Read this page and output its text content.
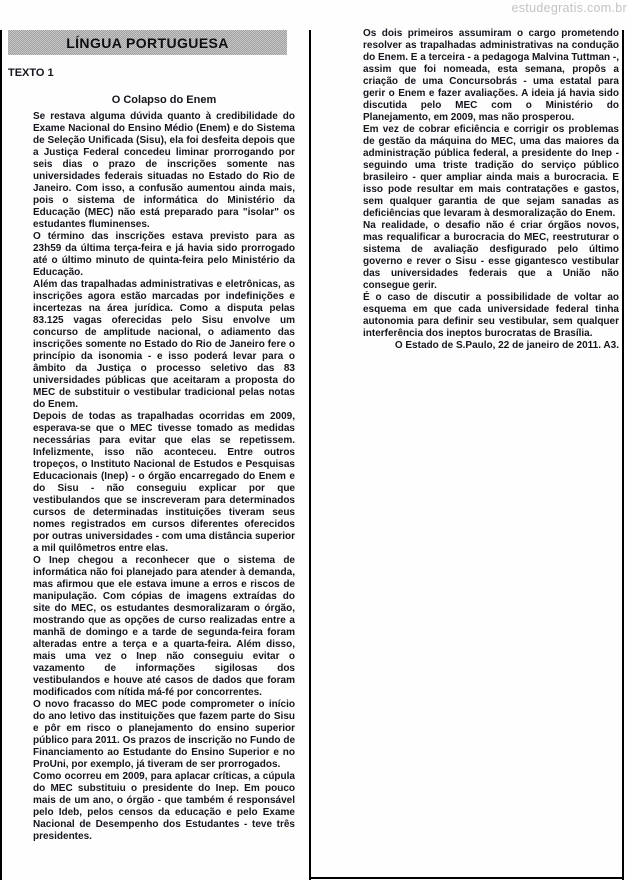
estudegratis.com.br
LÍNGUA PORTUGUESA
TEXTO 1
O Colapso do Enem

Se restava alguma dúvida quanto à credibilidade do Exame Nacional do Ensino Médio (Enem) e do Sistema de Seleção Unificada (Sisu), ela foi desfeita depois que a Justiça Federal concedeu liminar prorrogando por seis dias o prazo de inscrições somente nas universidades federais situadas no Estado do Rio de Janeiro. Com isso, a confusão aumentou ainda mais, pois o sistema de informática do Ministério da Educação (MEC) não está preparado para "isolar" os estudantes fluminenses.

O término das inscrições estava previsto para as 23h59 da última terça-feira e já havia sido prorrogado até o último minuto de quinta-feira pelo Ministério da Educação.

Além das trapalhadas administrativas e eletrônicas, as inscrições agora estão marcadas por indefinições e incertezas na área jurídica. Como a disputa pelas 83.125 vagas oferecidas pelo Sisu envolve um concurso de amplitude nacional, o adiamento das inscrições somente no Estado do Rio de Janeiro fere o princípio da isonomia - e isso poderá levar para o âmbito da Justiça o processo seletivo das 83 universidades públicas que aceitaram a proposta do MEC de substituir o vestibular tradicional pelas notas do Enem.

Depois de todas as trapalhadas ocorridas em 2009, esperava-se que o MEC tivesse tomado as medidas necessárias para evitar que elas se repetissem. Infelizmente, isso não aconteceu. Entre outros tropeços, o Instituto Nacional de Estudos e Pesquisas Educacionais (Inep) - o órgão encarregado do Enem e do Sisu - não conseguiu explicar por que vestibulandos que se inscreveram para determinados cursos de determinadas instituições tiveram seus nomes registrados em cursos diferentes oferecidos por outras universidades - com uma distância superior a mil quilômetros entre elas.

O Inep chegou a reconhecer que o sistema de informática não foi planejado para atender à demanda, mas afirmou que ele estava imune a erros e riscos de manipulação. Com cópias de imagens extraídas do site do MEC, os estudantes desmoralizaram o órgão, mostrando que as opções de curso realizadas entre a manhã de domingo e a tarde de segunda-feira foram alteradas entre a terça e a quarta-feira. Além disso, mais uma vez o Inep não conseguiu evitar o vazamento de informações sigilosas dos vestibulandos e houve até casos de dados que foram modificados com nítida má-fé por concorrentes.

O novo fracasso do MEC pode comprometer o início do ano letivo das instituições que fazem parte do Sisu e pôr em risco o planejamento do ensino superior público para 2011. Os prazos de inscrição no Fundo de Financiamento ao Estudante do Ensino Superior e no ProUni, por exemplo, já tiveram de ser prorrogados.

Como ocorreu em 2009, para aplacar críticas, a cúpula do MEC substituiu o presidente do Inep. Em pouco mais de um ano, o órgão - que também é responsável pelo Ideb, pelos censos da educação e pelo Exame Nacional de Desempenho dos Estudantes - teve três presidentes.

Os dois primeiros assumiram o cargo prometendo resolver as trapalhadas administrativas na condução do Enem. E a terceira - a pedagoga Malvina Tuttman -, assim que foi nomeada, esta semana, propôs a criação de uma Concursobrás - uma estatal para gerir o Enem e fazer avaliações. A ideia já havia sido discutida pelo MEC com o Ministério do Planejamento, em 2009, mas não prosperou.

Em vez de cobrar eficiência e corrigir os problemas de gestão da máquina do MEC, uma das maiores da administração pública federal, a presidente do Inep - seguindo uma triste tradição do serviço público brasileiro - quer ampliar ainda mais a burocracia. E isso pode resultar em mais contratações e gastos, sem qualquer garantia de que sejam sanadas as deficiências que levaram à desmoralização do Enem.

Na realidade, o desafio não é criar órgãos novos, mas requalificar a burocracia do MEC, reestruturar o sistema de avaliação desfigurado pelo último governo e rever o Sisu - esse gigantesco vestibular das universidades federais que a União não consegue gerir.

É o caso de discutir a possibilidade de voltar ao esquema em que cada universidade federal tinha autonomia para definir seu vestibular, sem qualquer interferência dos ineptos burocratas de Brasília.

O Estado de S.Paulo, 22 de janeiro de 2011. A3.
